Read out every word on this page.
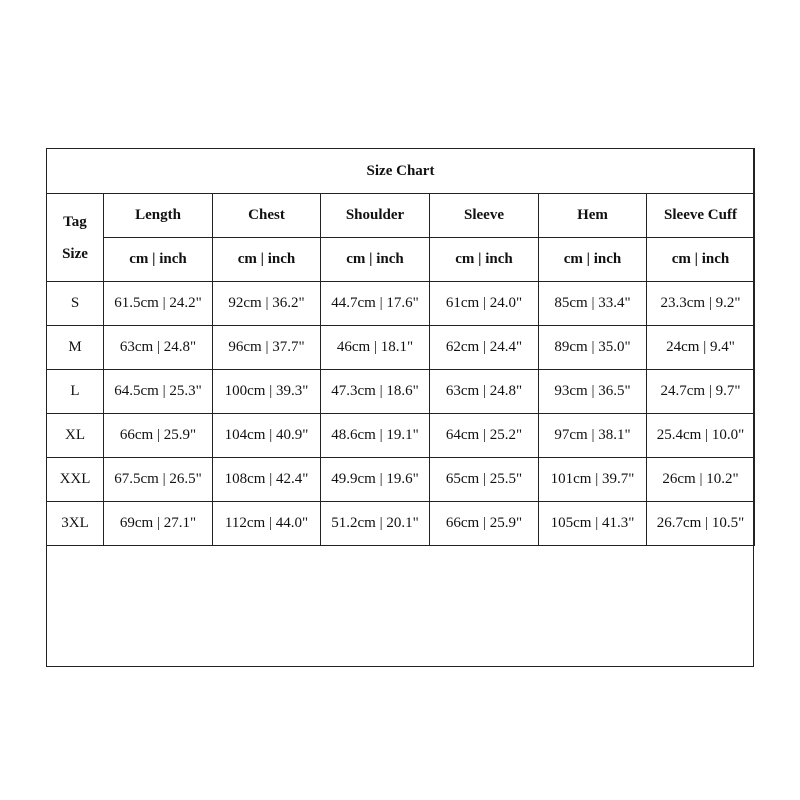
Size Chart						

Tag
Size	Length	Chest	Shoulder	Sleeve	Hem	Sleeve Cuff
	cm | inch	cm | inch	cm | inch	cm | inch	cm | inch	cm | inch
S	61.5cm | 24.2"	92cm | 36.2"	44.7cm | 17.6"	61cm | 24.0"	85cm | 33.4"	23.3cm | 9.2"
M	63cm | 24.8"	96cm | 37.7"	46cm | 18.1"	62cm | 24.4"	89cm | 35.0"	24cm | 9.4"
L	64.5cm | 25.3"	100cm | 39.3"	47.3cm | 18.6"	63cm | 24.8"	93cm | 36.5"	24.7cm | 9.7"
XL	66cm | 25.9"	104cm | 40.9"	48.6cm | 19.1"	64cm | 25.2"	97cm | 38.1"	25.4cm | 10.0"
XXL	67.5cm | 26.5"	108cm | 42.4"	49.9cm | 19.6"	65cm | 25.5"	101cm | 39.7"	26cm | 10.2"
3XL	69cm | 27.1"	112cm | 44.0"	51.2cm | 20.1"	66cm | 25.9"	105cm | 41.3"	26.7cm | 10.5"
